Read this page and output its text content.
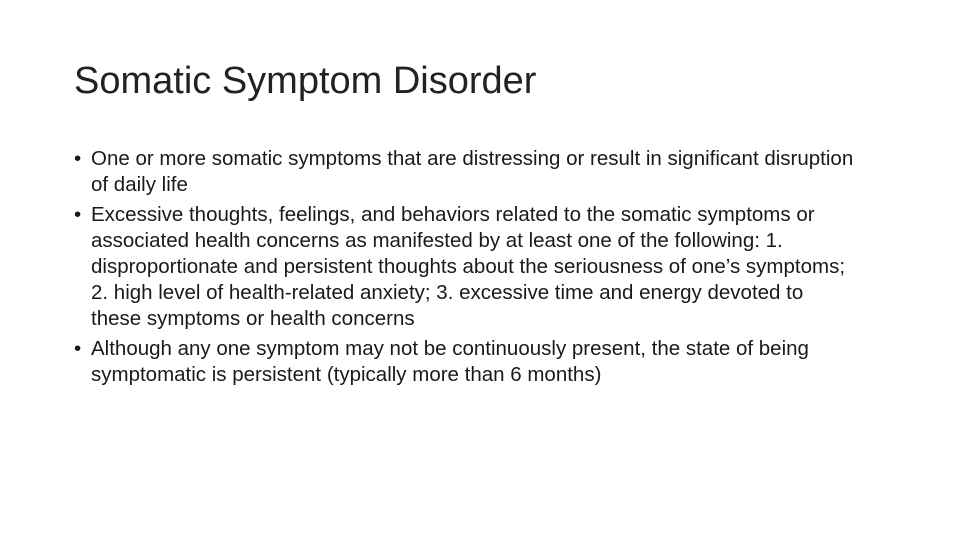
Somatic Symptom Disorder
• One or more somatic symptoms that are distressing or result in significant disruption of daily life
• Excessive thoughts, feelings, and behaviors related to the somatic symptoms or associated health concerns as manifested by at least one of the following: 1. disproportionate and persistent thoughts about the seriousness of one’s symptoms; 2. high level of health-related anxiety; 3. excessive time and energy devoted to these symptoms or health concerns
• Although any one symptom may not be continuously present, the state of being symptomatic is persistent (typically more than 6 months)
